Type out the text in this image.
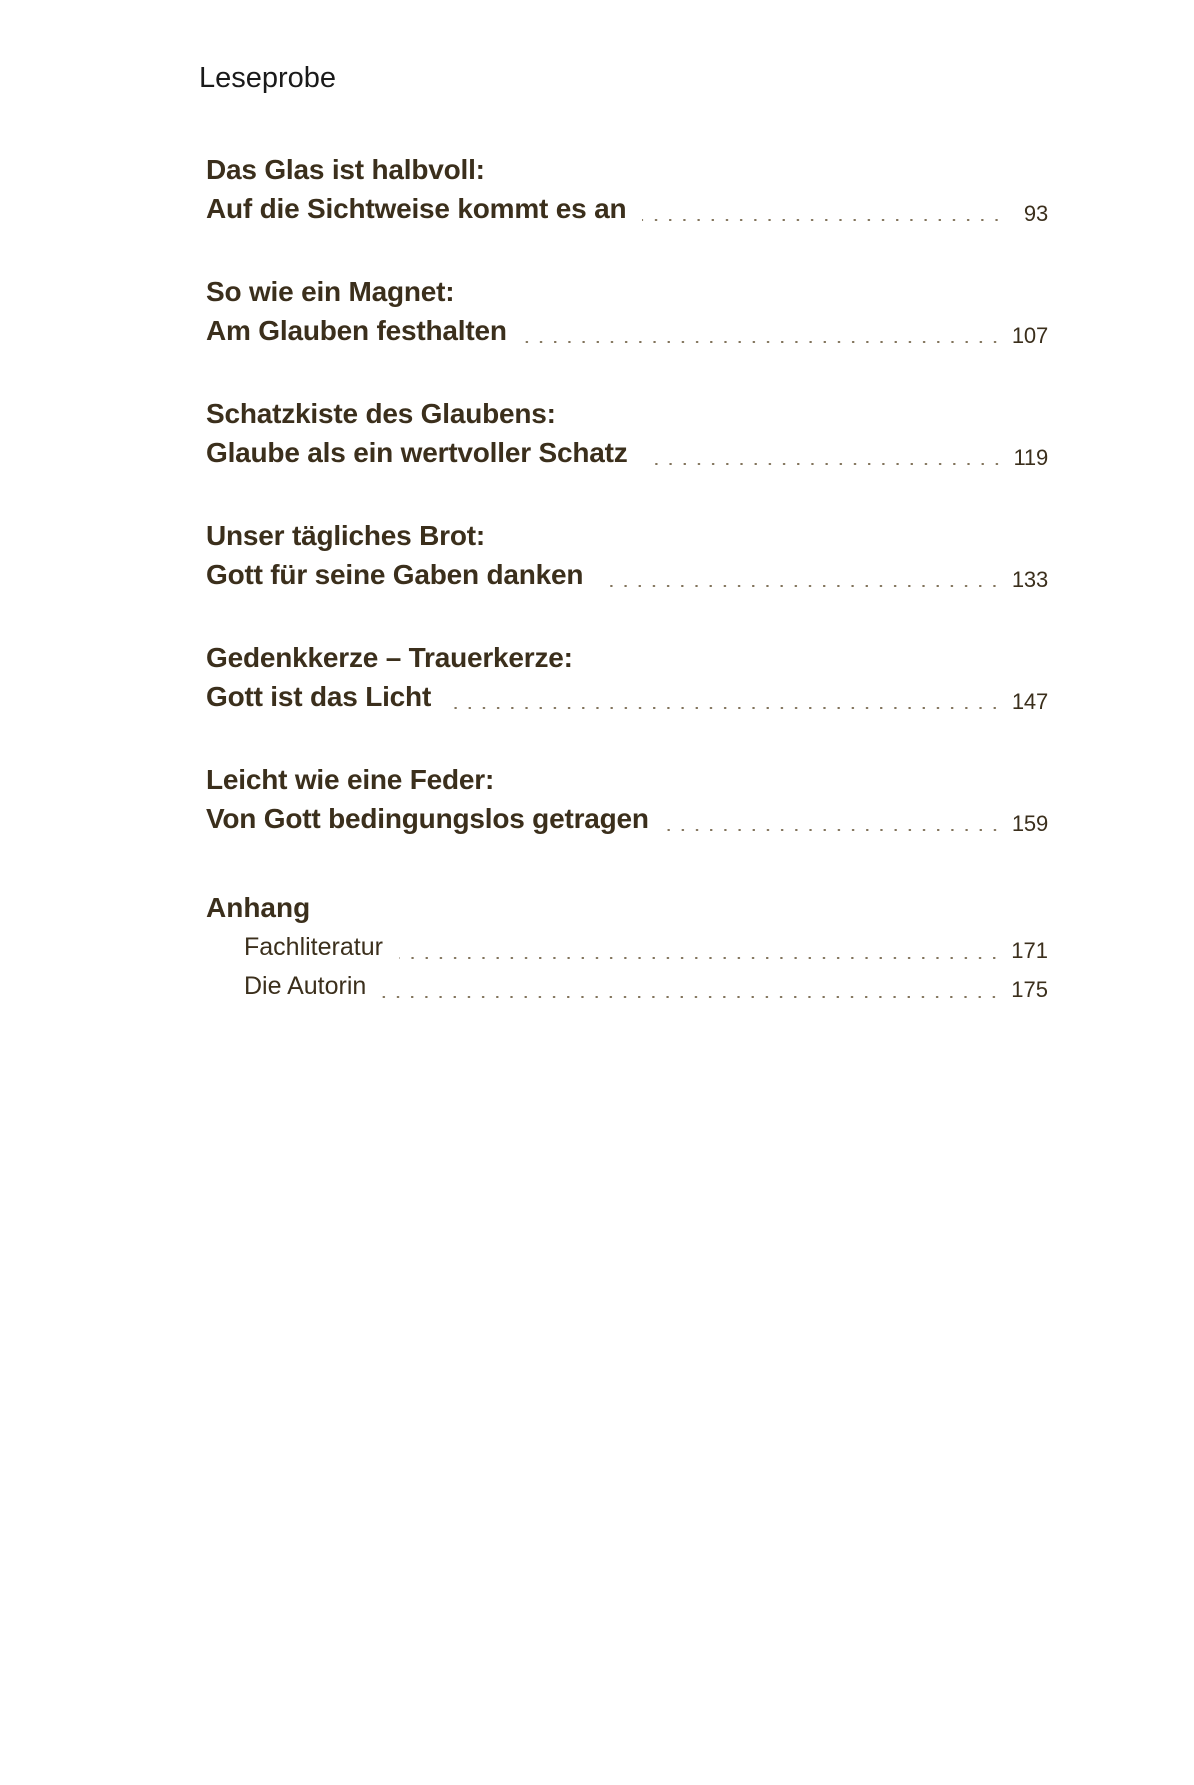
Leseprobe
Das Glas ist halbvoll:
Auf die Sichtweise kommt es an	93
So wie ein Magnet:
Am Glauben festhalten	107
Schatzkiste des Glaubens:
Glaube als ein wertvoller Schatz	119
Unser tägliches Brot:
Gott für seine Gaben danken	133
Gedenkkerze – Trauerkerze:
Gott ist das Licht	147
Leicht wie eine Feder:
Von Gott bedingungslos getragen	159
Anhang
Fachliteratur	171
Die Autorin	175
